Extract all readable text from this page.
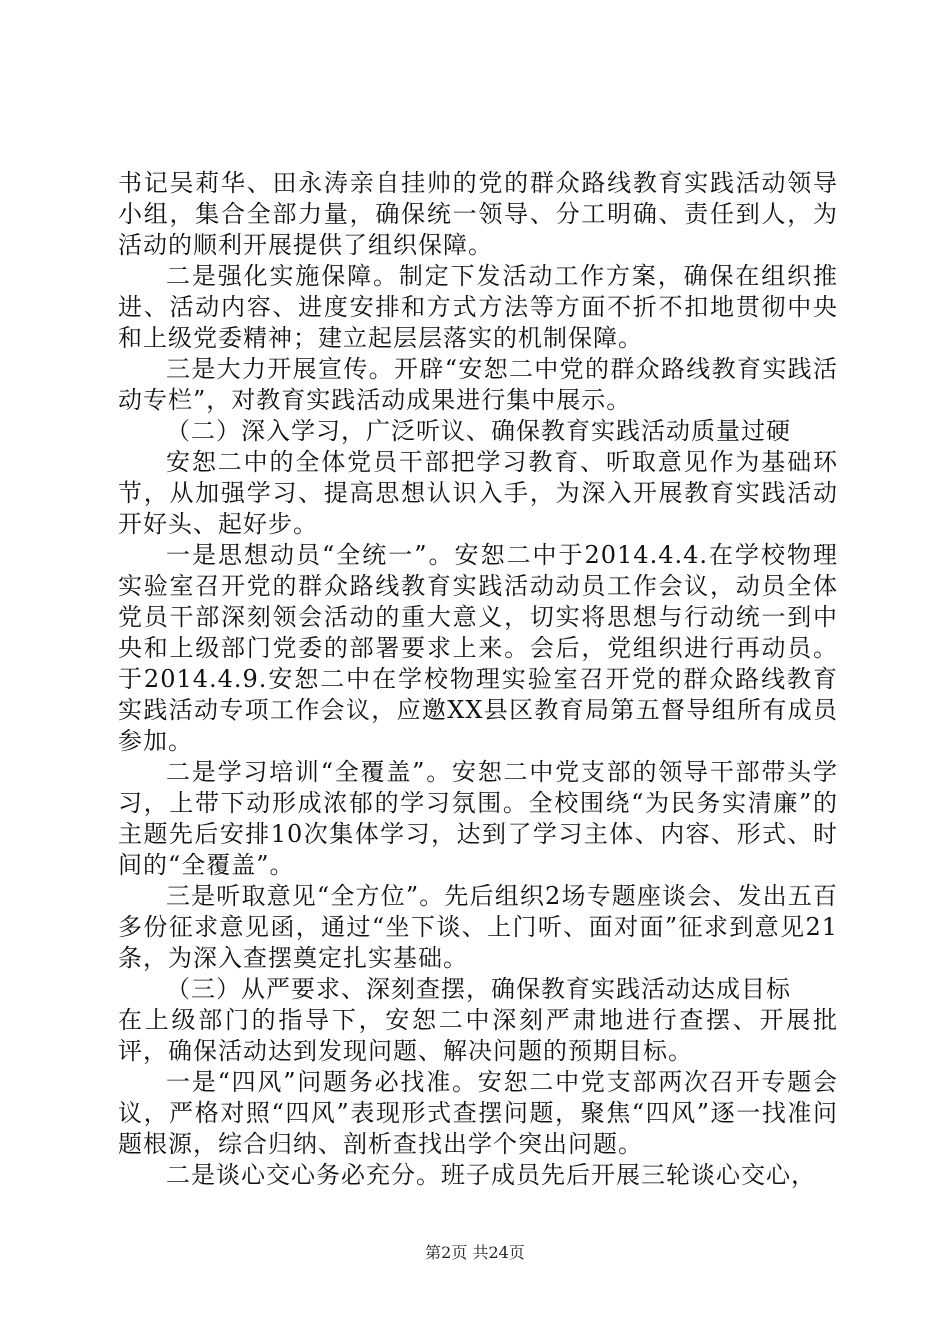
书记吴莉华、田永涛亲自挂帅的党的群众路线教育实践活动领导小组，集合全部力量，确保统一领导、分工明确、责任到人，为活动的顺利开展提供了组织保障。

二是强化实施保障。制定下发活动工作方案，确保在组织推进、活动内容、进度安排和方式方法等方面不折不扣地贯彻中央和上级党委精神；建立起层层落实的机制保障。

三是大力开展宣传。开辟“安恕二中党的群众路线教育实践活动专栏”，对教育实践活动成果进行集中展示。

（二）深入学习，广泛听议、确保教育实践活动质量过硬

安恕二中的全体党员干部把学习教育、听取意见作为基础环节，从加强学习、提高思想认识入手，为深入开展教育实践活动开好头、起好步。

一是思想动员“全统一”。安恕二中于2014.4.4.在学校物理实验室召开党的群众路线教育实践活动动员工作会议，动员全体党员干部深刻领会活动的重大意义，切实将思想与行动统一到中央和上级部门党委的部署要求上来。会后，党组织进行再动员。于2014.4.9.安恕二中在学校物理实验室召开党的群众路线教育实践活动专项工作会议，应邀XX县区教育局第五督导组所有成员参加。

二是学习培训“全覆盖”。安恕二中党支部的领导干部带头学习，上带下动形成浓郁的学习氛围。全校围绕“为民务实清廉”的主题先后安排10次集体学习，达到了学习主体、内容、形式、时间的“全覆盖”。

三是听取意见“全方位”。先后组织2场专题座谈会、发出五百多份征求意见函，通过“坐下谈、上门听、面对面”征求到意见21条，为深入查摆奠定扎实基础。

（三）从严要求、深刻查摆，确保教育实践活动达成目标

在上级部门的指导下，安恕二中深刻严肃地进行查摆、开展批评，确保活动达到发现问题、解决问题的预期目标。

一是“四风”问题务必找准。安恕二中党支部两次召开专题会议，严格对照“四风”表现形式查摆问题，聚焦“四风”逐一找准问题根源，综合归纳、剖析查找出学个突出问题。

二是谈心交心务必充分。班子成员先后开展三轮谈心交心，

第2页 共24页
